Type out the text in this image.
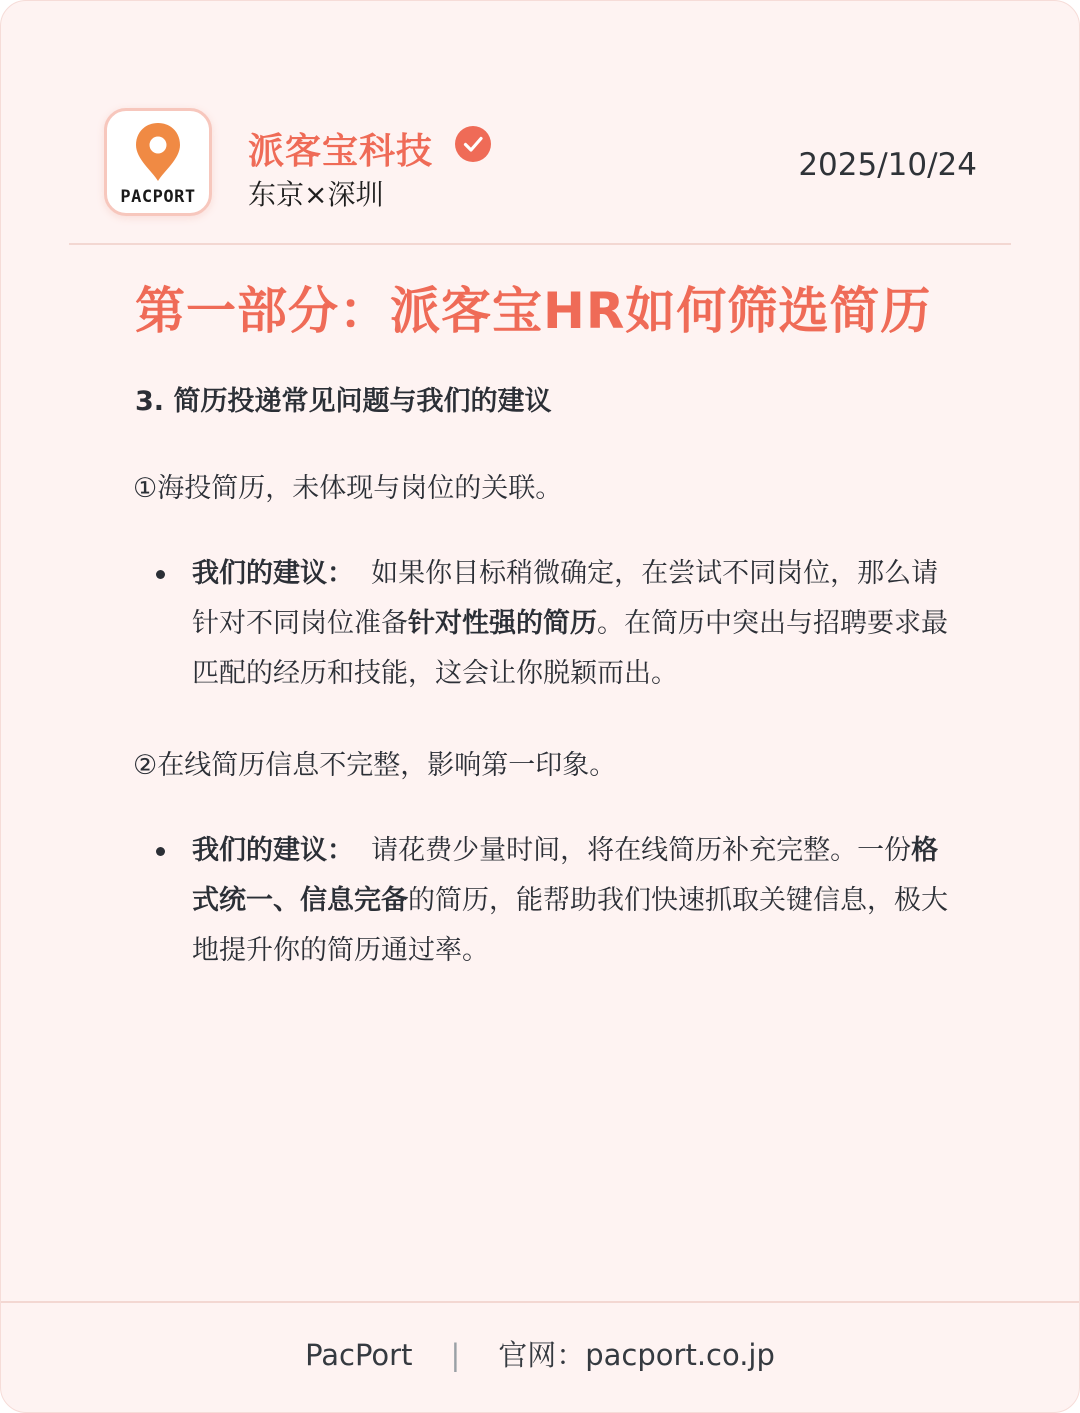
PACPORT
派客宝科技
东京×深圳
2025/10/24
第一部分：派客宝HR如何筛选简历
3. 简历投递常见问题与我们的建议
①海投简历，未体现与岗位的关联。
我们的建议： 如果你目标稍微确定，在尝试不同岗位，那么请针对不同岗位准备针对性强的简历。在简历中突出与招聘要求最匹配的经历和技能，这会让你脱颖而出。
②在线简历信息不完整，影响第一印象。
我们的建议： 请花费少量时间，将在线简历补充完整。一份格式统一、信息完备的简历，能帮助我们快速抓取关键信息，极大地提升你的简历通过率。
PacPort | 官网：pacport.co.jp
